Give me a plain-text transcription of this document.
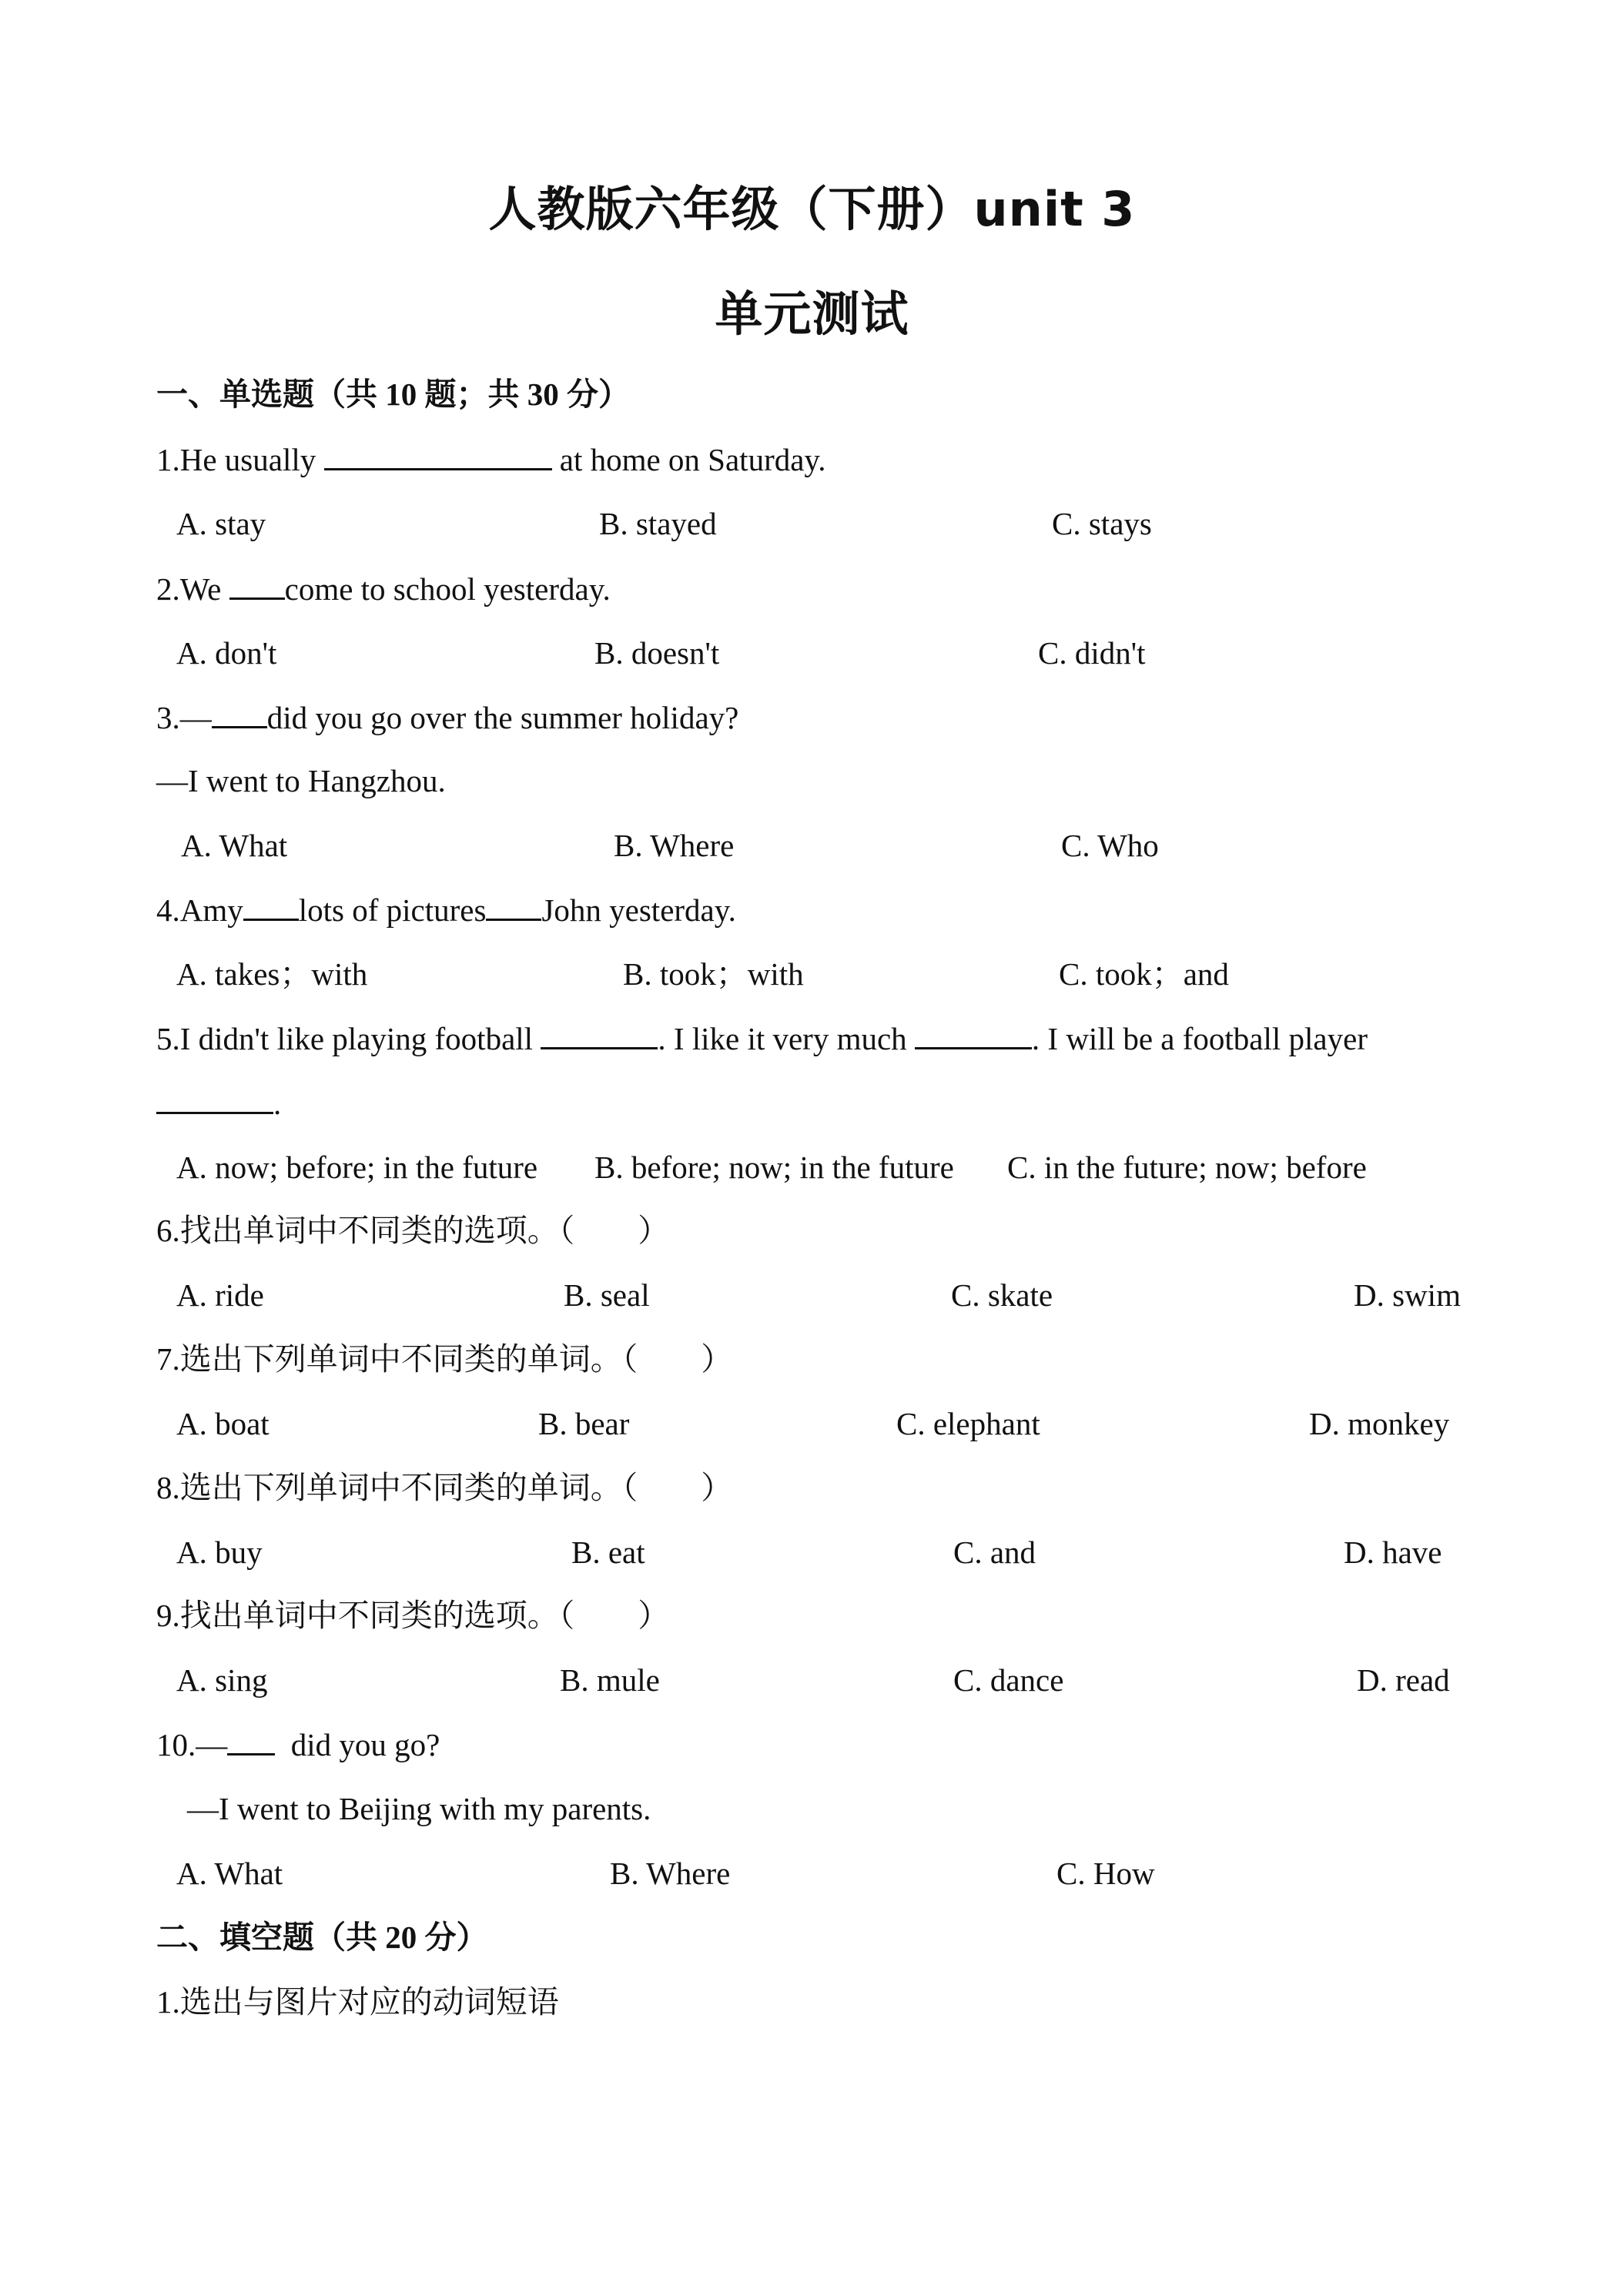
人教版六年级（下册）unit 3
单元测试
一、单选题（共 10 题；共 30 分）
1.He usually	at home on Saturday.
A. stay	B. stayed	C. stays
2.We come to school yesterday.
A. don't	B. doesn't	C. didn't
3.— did you go over the summer holiday?
—I went to Hangzhou.
A. What	B. Where	C. Who
4.Amy lots of pictures John yesterday.
A. takes；with	B. took；with	C. took；and
5.I didn't like playing football	. I like it very much	. I will be a football player
.
A. now; before; in the future B. before; now; in the future C. in the future; now; before
6.找出单词中不同类的选项。（　　）
A. ride	B. seal	C. skate	D. swim
7.选出下列单词中不同类的单词。（　　）
A. boat	B. bear	C. elephant	D. monkey
8.选出下列单词中不同类的单词。（　　）
A. buy	B. eat	C. and	D. have
9.找出单词中不同类的选项。（　　）
A. sing	B. mule	C. dance	D. read
10.—  did you go?
—I went to Beijing with my parents.
A. What	B. Where	C. How
二、填空题（共 20 分）
1.选出与图片对应的动词短语
